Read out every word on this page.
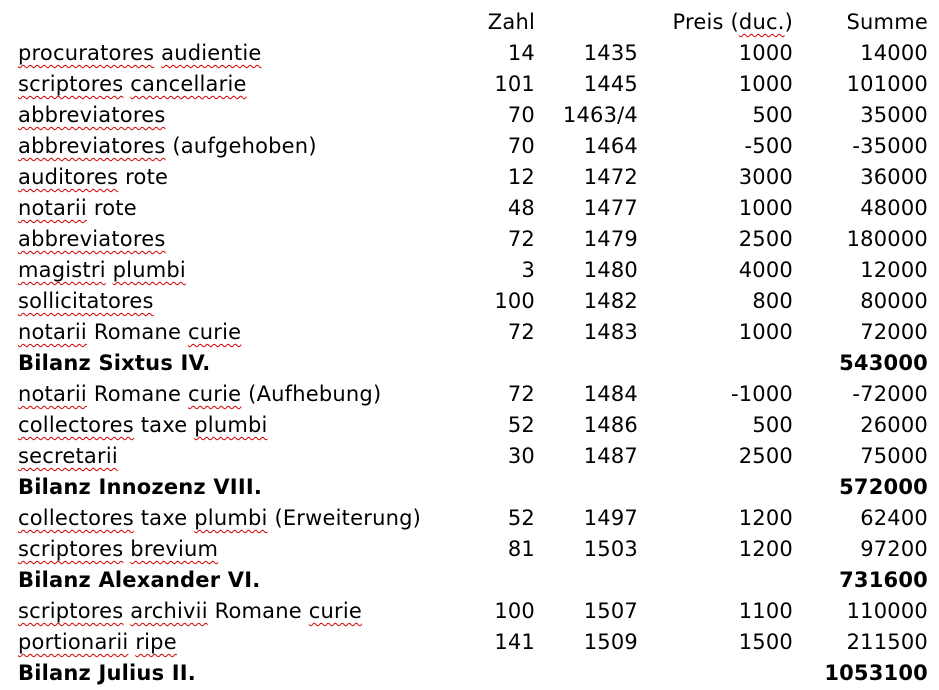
	Zahl		Preis (duc.)	Summe
procuratores audientie	14	1435	1000	14000
scriptores cancellarie	101	1445	1000	101000
abbreviatores	70	1463/4	500	35000
abbreviatores (aufgehoben)	70	1464	-500	-35000
auditores rote	12	1472	3000	36000
notarii rote	48	1477	1000	48000
abbreviatores	72	1479	2500	180000
magistri plumbi	3	1480	4000	12000
sollicitatores	100	1482	800	80000
notarii Romane curie	72	1483	1000	72000
Bilanz Sixtus IV.				543000
notarii Romane curie (Aufhebung)	72	1484	-1000	-72000
collectores taxe plumbi	52	1486	500	26000
secretarii	30	1487	2500	75000
Bilanz Innozenz VIII.				572000
collectores taxe plumbi (Erweiterung)	52	1497	1200	62400
scriptores brevium	81	1503	1200	97200
Bilanz Alexander VI.				731600
scriptores archivii Romane curie	100	1507	1100	110000
portionarii ripe	141	1509	1500	211500
Bilanz Julius II.				1053100
